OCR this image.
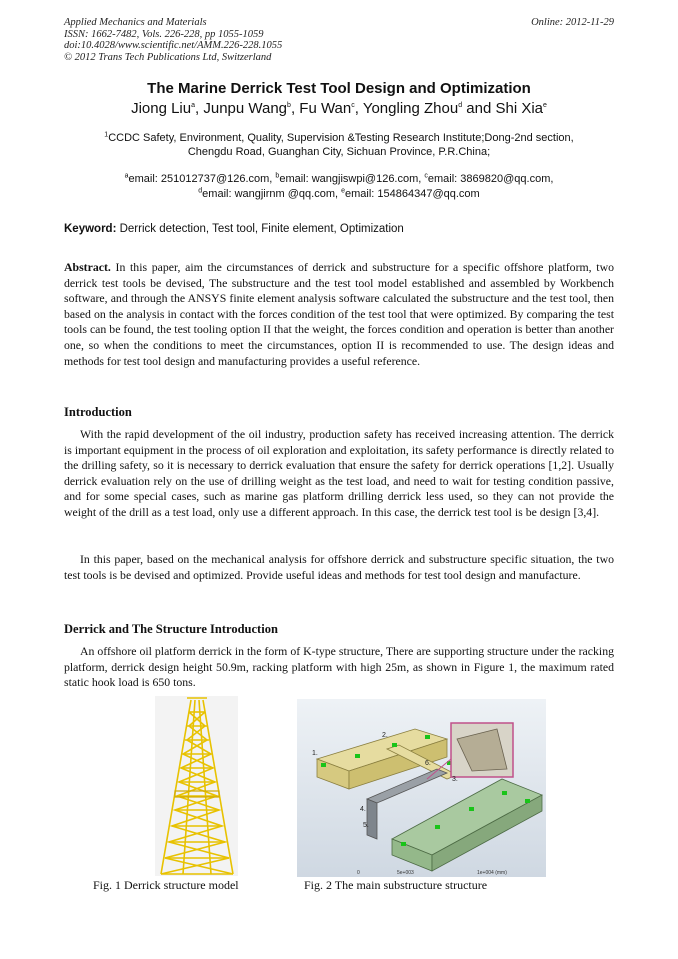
Applied Mechanics and Materials
ISSN: 1662-7482, Vols. 226-228, pp 1055-1059
doi:10.4028/www.scientific.net/AMM.226-228.1055
© 2012 Trans Tech Publications Ltd, Switzerland
Online: 2012-11-29
The Marine Derrick Test Tool Design and Optimization
Jiong Liu$^a$, Junpu Wang$^b$, Fu Wan$^c$, Yongling Zhou$^d$ and Shi Xia$^e$
$^1$CCDC Safety, Environment, Quality, Supervision &Testing Research Institute;Dong-2nd section,
Chengdu Road, Guanghan City, Sichuan Province, P.R.China;
$^a$email: 251012737@126.com, $^b$email: wangjiswpi@126.com, $^c$email: 3869820@qq.com,
$^d$email: wangjirnm @qq.com, $^e$email: 154864347@qq.com
Keyword: Derrick detection, Test tool, Finite element, Optimization
Abstract. In this paper, aim the circumstances of derrick and substructure for a specific offshore platform, two derrick test tools be devised, The substructure and the test tool model established and assembled by Workbench software, and through the ANSYS finite element analysis software calculated the substructure and the test tool, then based on the analysis in contact with the forces condition of the test tool that were optimized. By comparing the test tools can be found, the test tooling option II that the weight, the forces condition and operation is better than another one, so when the conditions to meet the circumstances, option II is recommended to use. The design ideas and methods for test tool design and manufacturing provides a useful reference.
Introduction
With the rapid development of the oil industry, production safety has received increasing attention. The derrick is important equipment in the process of oil exploration and exploitation, its safety performance is directly related to the drilling safety, so it is necessary to derrick evaluation that ensure the safety for derrick operations [1,2]. Usually derrick evaluation rely on the use of drilling weight as the test load, and need to wait for testing condition passive, and for some special cases, such as marine gas platform drilling derrick less used, so they can not provide the weight of the drill as a test load, only use a different approach. In this case, the derrick test tool is be design [3,4].
In this paper, based on the mechanical analysis for offshore derrick and substructure specific situation, the two test tools is be devised and optimized. Provide useful ideas and methods for test tool design and manufacture.
Derrick and The Structure Introduction
An offshore oil platform derrick in the form of K-type structure, There are supporting structure under the racking platform, derrick design height 50.9m, racking platform with high 25m, as shown in Figure 1, the maximum rated static hook load is 650 tons.
Fig. 1 Derrick structure model
1.
2.
3.
4.
5.
6.
0	5e+003	1e+004 (mm)
Fig. 2 The main substructure structure
